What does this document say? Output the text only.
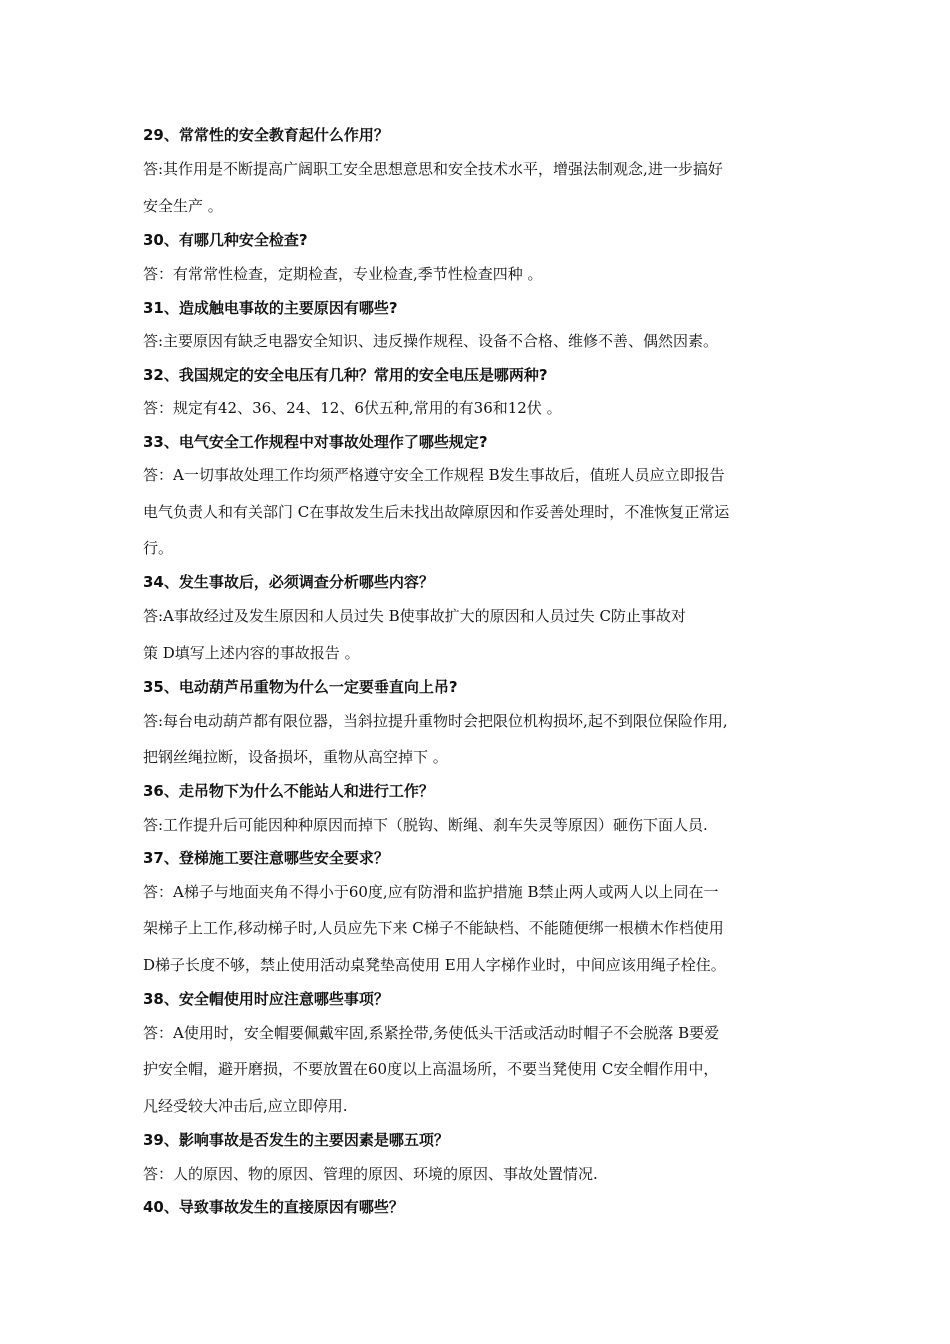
29、常常性的安全教育起什么作用？
答:其作用是不断提高广阔职工安全思想意思和安全技术水平，增强法制观念,进一步搞好
安全生产 。
30、有哪几种安全检查?
答：有常常性检查，定期检查，专业检查,季节性检查四种 。
31、造成触电事故的主要原因有哪些?
答:主要原因有缺乏电器安全知识、违反操作规程、设备不合格、维修不善、偶然因素。
32、我国规定的安全电压有几种？常用的安全电压是哪两种?
答：规定有42、36、24、12、6伏五种,常用的有36和12伏 。
33、电气安全工作规程中对事故处理作了哪些规定?
答：A一切事故处理工作均须严格遵守安全工作规程 B发生事故后，值班人员应立即报告
电气负责人和有关部门 C在事故发生后未找出故障原因和作妥善处理时，不准恢复正常运
行。
34、发生事故后，必须调查分析哪些内容？
答:A事故经过及发生原因和人员过失 B使事故扩大的原因和人员过失 C防止事故对
策 D填写上述内容的事故报告 。
35、电动葫芦吊重物为什么一定要垂直向上吊?
答:每台电动葫芦都有限位器，当斜拉提升重物时会把限位机构损坏,起不到限位保险作用,
把钢丝绳拉断，设备损坏，重物从高空掉下 。
36、走吊物下为什么不能站人和进行工作？
答:工作提升后可能因种种原因而掉下（脱钩、断绳、刹车失灵等原因）砸伤下面人员.
37、登梯施工要注意哪些安全要求？
答：A梯子与地面夹角不得小于60度,应有防滑和监护措施 B禁止两人或两人以上同在一
架梯子上工作,移动梯子时,人员应先下来 C梯子不能缺档、不能随便绑一根横木作档使用
D梯子长度不够，禁止使用活动桌凳垫高使用 E用人字梯作业时，中间应该用绳子栓住。
38、安全帽使用时应注意哪些事项？
答：A使用时，安全帽要佩戴牢固,系紧拴带,务使低头干活或活动时帽子不会脱落 B要爱
护安全帽，避开磨损，不要放置在60度以上高温场所，不要当凳使用 C安全帽作用中，
凡经受较大冲击后,应立即停用.
39、影响事故是否发生的主要因素是哪五项？
答：人的原因、物的原因、管理的原因、环境的原因、事故处置情况.
40、导致事故发生的直接原因有哪些？
